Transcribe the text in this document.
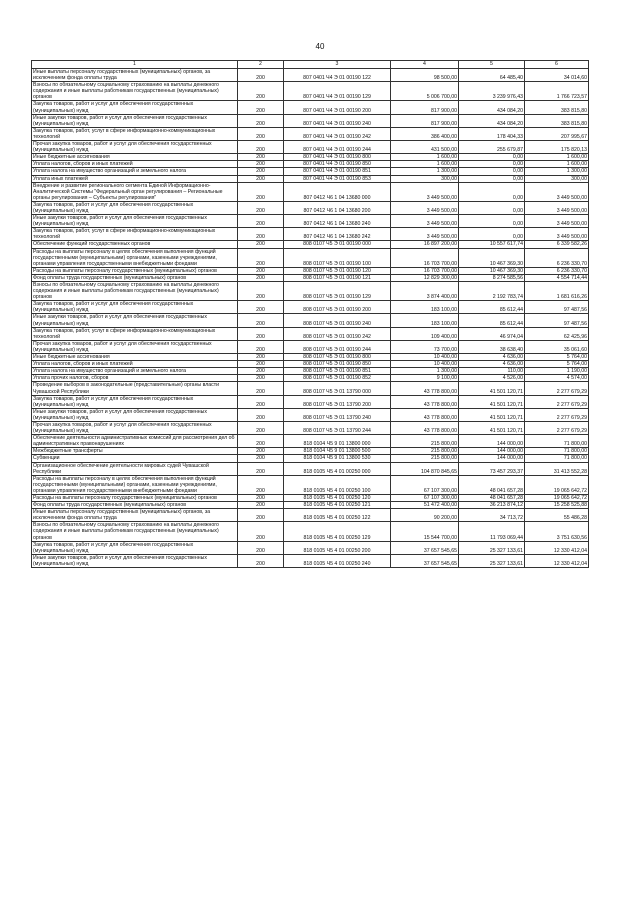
40
1	2	3	4	5	6
Иные выплаты персоналу государственных (муниципальных) органов, за исключением фонда оплаты труда	200	807 0401 Ч4 Э 01 00190 122	98 500,00	64 485,40	34 014,60
Взносы по обязательному социальному страхованию на выплаты денежного содержания и иные выплаты работникам государственных (муниципальных) органов	200	807 0401 Ч4 Э 01 00190 129	5 006 700,00	3 239 976,43	1 766 723,57
Закупка товаров, работ и услуг для обеспечения государственных (муниципальных) нужд	200	807 0401 Ч4 Э 01 00190 200	817 900,00	434 084,20	383 815,80
Иные закупки товаров, работ и услуг для обеспечения государственных (муниципальных) нужд	200	807 0401 Ч4 Э 01 00190 240	817 900,00	434 084,20	383 815,80
Закупка товаров, работ, услуг в сфере информационно-коммуникационных технологий	200	807 0401 Ч4 Э 01 00190 242	386 400,00	178 404,33	207 995,67
Прочая закупка товаров, работ и услуг для обеспечения государственных (муниципальных) нужд	200	807 0401 Ч4 Э 01 00190 244	431 500,00	255 679,87	175 820,13
Иные бюджетные ассигнования	200	807 0401 Ч4 Э 01 00190 800	1 600,00	0,00	1 600,00
Уплата налогов, сборов и иных платежей	200	807 0401 Ч4 Э 01 00190 850	1 600,00	0,00	1 600,00
Уплата налога на имущество организаций и земельного налога	200	807 0401 Ч4 Э 01 00190 851	1 300,00	0,00	1 300,00
Уплата иных платежей	200	807 0401 Ч4 Э 01 00190 853	300,00	0,00	300,00
Внедрение и развитие регионального сегмента Единой Информационно-Аналитической Системы "Федеральный орган регулирования – Региональные органы регулирования – Субъекты регулирования"	200	807 0412 Ч6 1 04 13680 000	3 449 500,00	0,00	3 449 500,00
Закупка товаров, работ и услуг для обеспечения государственных (муниципальных) нужд	200	807 0412 Ч6 1 04 13680 200	3 449 500,00	0,00	3 449 500,00
Иные закупки товаров, работ и услуг для обеспечения государственных (муниципальных) нужд	200	807 0412 Ч6 1 04 13680 240	3 449 500,00	0,00	3 449 500,00
Закупка товаров, работ, услуг в сфере информационно-коммуникационных технологий	200	807 0412 Ч6 1 04 13680 242	3 449 500,00	0,00	3 449 500,00
Обеспечение функций государственных органов	200	808 0107 Ч5 Э 01 00190 000	16 897 200,00	10 557 617,74	6 339 582,26
Расходы на выплаты персоналу в целях обеспечения выполнения функций государственными (муниципальными) органами, казенными учреждениями, органами управления государственными внебюджетными фондами	200	808 0107 Ч5 Э 01 00190 100	16 703 700,00	10 467 369,30	6 236 330,70
Расходы на выплаты персоналу государственных (муниципальных) органов	200	808 0107 Ч5 Э 01 00190 120	16 703 700,00	10 467 369,30	6 236 330,70
Фонд оплаты труда государственных (муниципальных) органов	200	808 0107 Ч5 Э 01 00190 121	12 829 300,00	8 274 585,56	4 554 714,44
Взносы по обязательному социальному страхованию на выплаты денежного содержания и иные выплаты работникам государственных (муниципальных) органов	200	808 0107 Ч5 Э 01 00190 129	3 874 400,00	2 192 783,74	1 681 616,26
Закупка товаров, работ и услуг для обеспечения государственных (муниципальных) нужд	200	808 0107 Ч5 Э 01 00190 200	183 100,00	85 612,44	97 487,56
Иные закупки товаров, работ и услуг для обеспечения государственных (муниципальных) нужд	200	808 0107 Ч5 Э 01 00190 240	183 100,00	85 612,44	97 487,56
Закупка товаров, работ, услуг в сфере информационно-коммуникационных технологий	200	808 0107 Ч5 Э 01 00190 242	109 400,00	46 974,04	62 425,96
Прочая закупка товаров, работ и услуг для обеспечения государственных (муниципальных) нужд	200	808 0107 Ч5 Э 01 00190 244	73 700,00	38 638,40	35 061,60
Иные бюджетные ассигнования	200	808 0107 Ч5 Э 01 00190 800	10 400,00	4 636,00	5 764,00
Уплата налогов, сборов и иных платежей	200	808 0107 Ч5 Э 01 00190 850	10 400,00	4 636,00	5 764,00
Уплата налога на имущество организаций и земельного налога	200	808 0107 Ч5 Э 01 00190 851	1 300,00	110,00	1 190,00
Уплата прочих налогов, сборов	200	808 0107 Ч5 Э 01 00190 852	9 100,00	4 526,00	4 574,00
Проведение выборов в законодательные (представительные) органы власти Чувашской Республики	200	808 0107 Ч5 Э 01 13790 000	43 778 800,00	41 501 120,71	2 277 679,29
Закупка товаров, работ и услуг для обеспечения государственных (муниципальных) нужд	200	808 0107 Ч5 Э 01 13790 200	43 778 800,00	41 501 120,71	2 277 679,29
Иные закупки товаров, работ и услуг для обеспечения государственных (муниципальных) нужд	200	808 0107 Ч5 Э 01 13790 240	43 778 800,00	41 501 120,71	2 277 679,29
Прочая закупка товаров, работ и услуг для обеспечения государственных (муниципальных) нужд	200	808 0107 Ч5 Э 01 13790 244	43 778 800,00	41 501 120,71	2 277 679,29
Обеспечение деятельности административных комиссий для рассмотрения дел об административных правонарушениях	200	818 0104 Ч5 9 01 13800 000	215 800,00	144 000,00	71 800,00
Межбюджетные трансферты	200	818 0104 Ч5 9 01 13800 500	215 800,00	144 000,00	71 800,00
Субвенции	200	818 0104 Ч5 9 01 13800 530	215 800,00	144 000,00	71 800,00
Организационное обеспечение деятельности мировых судей Чувашской Республики	200	818 0105 Ч5 4 01 00250 000	104 870 845,65	73 457 293,37	31 413 552,28
Расходы на выплаты персоналу в целях обеспечения выполнения функций государственными (муниципальными) органами, казенными учреждениями, органами управления государственными внебюджетными фондами	200	818 0105 Ч5 4 01 00250 100	67 107 300,00	48 041 657,28	19 065 642,72
Расходы на выплаты персоналу государственных (муниципальных) органов	200	818 0105 Ч5 4 01 00250 120	67 107 300,00	48 041 657,28	19 065 642,72
Фонд оплаты труда государственных (муниципальных) органов	200	818 0105 Ч5 4 01 00250 121	51 472 400,00	36 213 874,12	15 258 525,88
Иные выплаты персоналу государственных (муниципальных) органов, за исключением фонда оплаты труда	200	818 0105 Ч5 4 01 00250 122	90 200,00	34 713,72	55 486,28
Взносы по обязательному социальному страхованию на выплаты денежного содержания и иные выплаты работникам государственных (муниципальных) органов	200	818 0105 Ч5 4 01 00250 129	15 544 700,00	11 793 069,44	3 751 630,56
Закупка товаров, работ и услуг для обеспечения государственных (муниципальных) нужд	200	818 0105 Ч5 4 01 00250 200	37 657 545,65	25 327 133,61	12 330 412,04
Иные закупки товаров, работ и услуг для обеспечения государственных (муниципальных) нужд	200	818 0105 Ч5 4 01 00250 240	37 657 545,65	25 327 133,61	12 330 412,04
